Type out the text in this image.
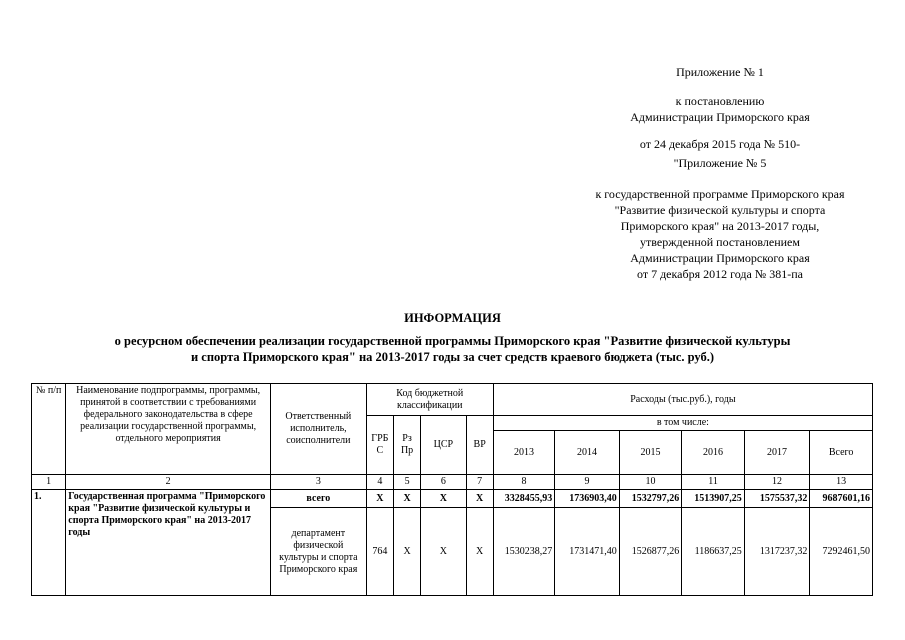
Приложение № 1
к постановлению
Администрации Приморского края
от 24 декабря 2015 года № 510-
"Приложение № 5
к государственной программе Приморского края
"Развитие физической культуры и спорта
Приморского края" на 2013-2017 годы,
утвержденной постановлением
Администрации Приморского края
от 7 декабря 2012 года № 381-па
ИНФОРМАЦИЯ
о ресурсном обеспечении реализации государственной программы Приморского края "Развитие физической культуры
и спорта Приморского края" на 2013-2017 годы за счет средств краевого бюджета (тыс. руб.)
№ п/п	Наименование подпрограммы, программы, принятой в соответствии с требованиями федерального законодательства в сфере реализации государственной программы, отдельного мероприятия	Ответственный исполнитель, соисполнители	Код бюджетной классификации				Расходы (тыс.руб.), годы					
			ГРБ С	Рз Пр	ЦСР	ВР	в том числе:					
							2013	2014	2015	2016	2017	Всего
1	2	3	4	5	6	7	8	9	10	11	12	13
1.	Государственная программа "Приморского края "Развитие физической культуры и спорта Приморского края" на 2013-2017 годы	всего	Х	Х	Х	Х	3328455,93	1736903,40	1532797,26	1513907,25	1575537,32	9687601,16
		департамент физической культуры и спорта Приморского края	764	Х	Х	Х	1530238,27	1731471,40	1526877,26	1186637,25	1317237,32	7292461,50
